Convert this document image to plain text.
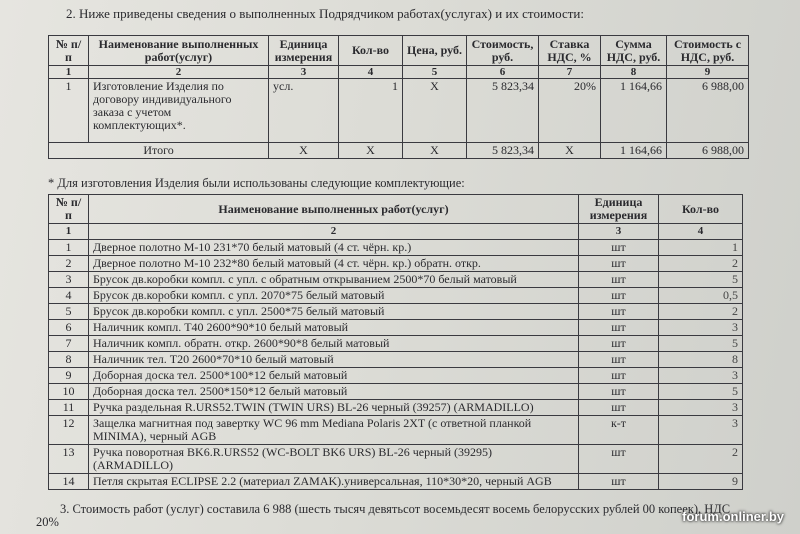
2. Ниже приведены сведения о выполненных Подрядчиком работах(услугах) и их стоимости:
№ п/п	Наименование выполненных работ(услуг)	Единица измерения	Кол-во	Цена, руб.	Стоимость, руб.	Ставка НДС, %	Сумма НДС, руб.	Стоимость с НДС, руб.
1	2	3	4	5	6	7	8	9
1	Изготовление Изделия по договору индивидуального заказа с учетом комплектующих*.	усл.	1	Х	5 823,34	20%	1 164,66	6 988,00
Итого		Х	Х	Х	5 823,34	Х	1 164,66	6 988,00
* Для изготовления Изделия были использованы следующие комплектующие:
№ п/п	Наименование выполненных работ(услуг)	Единица измерения	Кол-во
1	2	3	4
1	Дверное полотно М-10 231*70 белый матовый (4 ст. чёрн. кр.)	шт	1
2	Дверное полотно М-10 232*80 белый матовый (4 ст. чёрн. кр.) обратн. откр.	шт	2
3	Брусок дв.коробки компл. с упл. с обратным открыванием 2500*70 белый матовый	шт	5
4	Брусок дв.коробки компл. с упл. 2070*75 белый матовый	шт	0,5
5	Брусок дв.коробки компл. с упл. 2500*75 белый матовый	шт	2
6	Наличник компл. Т40 2600*90*10 белый матовый	шт	3
7	Наличник компл. обратн. откр. 2600*90*8 белый матовый	шт	5
8	Наличник тел. Т20 2600*70*10 белый матовый	шт	8
9	Доборная доска тел. 2500*100*12 белый матовый	шт	3
10	Доборная доска тел. 2500*150*12 белый матовый	шт	5
11	Ручка раздельная R.URS52.TWIN (TWIN URS) BL-26 черный (39257) (ARMADILLO)	шт	3
12	Защелка магнитная под завертку WC 96 mm Mediana Polaris 2XT (с ответной планкой MINIMA), черный AGB	к-т	3
13	Ручка поворотная BK6.R.URS52 (WC-BOLT BK6 URS) BL-26 черный (39295) (ARMADILLO)	шт	2
14	Петля скрытая ECLIPSE 2.2 (материал ZAMAK).универсальная, 110*30*20, черный AGB	шт	9
3. Стоимость работ (услуг) составила 6 988 (шесть тысяч девятьсот восемьдесят восемь белорусских рублей 00 копеек), НДС
20%	forum.onliner.by
